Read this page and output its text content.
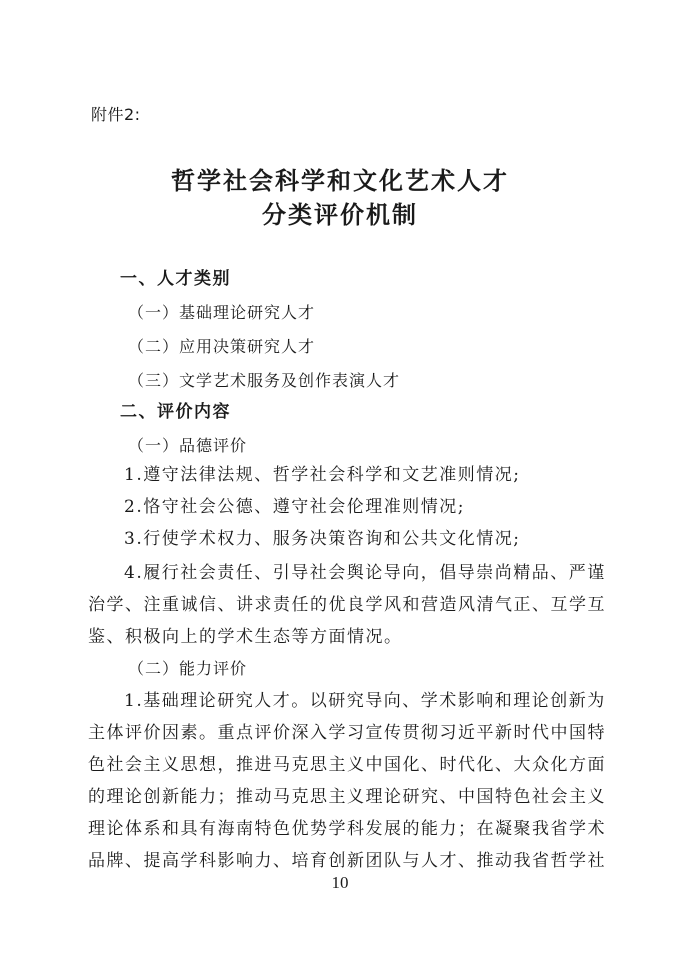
附件2:
哲学社会科学和文化艺术人才
分类评价机制
一、人才类别
（一）基础理论研究人才
（二）应用决策研究人才
（三）文学艺术服务及创作表演人才
二、评价内容
（一）品德评价
1.遵守法律法规、哲学社会科学和文艺准则情况;
2.恪守社会公德、遵守社会伦理准则情况;
3.行使学术权力、服务决策咨询和公共文化情况;
4.履行社会责任、引导社会舆论导向，倡导崇尚精品、严谨
治学、注重诚信、讲求责任的优良学风和营造风清气正、互学互
鉴、积极向上的学术生态等方面情况。
（二）能力评价
1.基础理论研究人才。以研究导向、学术影响和理论创新为
主体评价因素。重点评价深入学习宣传贯彻习近平新时代中国特
色社会主义思想，推进马克思主义中国化、时代化、大众化方面
的理论创新能力；推动马克思主义理论研究、中国特色社会主义
理论体系和具有海南特色优势学科发展的能力；在凝聚我省学术
品牌、提高学科影响力、培育创新团队与人才、推动我省哲学社
10
